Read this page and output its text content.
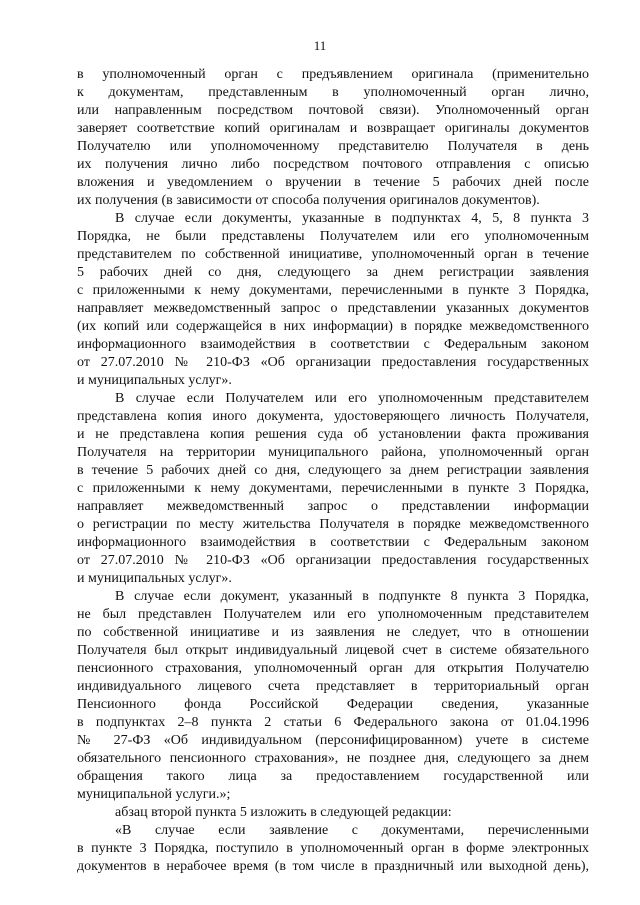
11
в уполномоченный орган с предъявлением оригинала (применительно
к документам, представленным в уполномоченный орган лично,
или направленным посредством почтовой связи). Уполномоченный орган
заверяет соответствие копий оригиналам и возвращает оригиналы документов
Получателю или уполномоченному представителю Получателя в день
их получения лично либо посредством почтового отправления с описью
вложения и уведомлением о вручении в течение 5 рабочих дней после
их получения (в зависимости от способа получения оригиналов документов).
В случае если документы, указанные в подпунктах 4, 5, 8 пункта 3
Порядка, не были представлены Получателем или его уполномоченным
представителем по собственной инициативе, уполномоченный орган в течение
5 рабочих дней со дня, следующего за днем регистрации заявления
с приложенными к нему документами, перечисленными в пункте 3 Порядка,
направляет межведомственный запрос о представлении указанных документов
(их копий или содержащейся в них информации) в порядке межведомственного
информационного взаимодействия в соответствии с Федеральным законом
от 27.07.2010 № 210-ФЗ «Об организации предоставления государственных
и муниципальных услуг».
В случае если Получателем или его уполномоченным представителем
представлена копия иного документа, удостоверяющего личность Получателя,
и не представлена копия решения суда об установлении факта проживания
Получателя на территории муниципального района, уполномоченный орган
в течение 5 рабочих дней со дня, следующего за днем регистрации заявления
с приложенными к нему документами, перечисленными в пункте 3 Порядка,
направляет межведомственный запрос о представлении информации
о регистрации по месту жительства Получателя в порядке межведомственного
информационного взаимодействия в соответствии с Федеральным законом
от 27.07.2010 № 210-ФЗ «Об организации предоставления государственных
и муниципальных услуг».
В случае если документ, указанный в подпункте 8 пункта 3 Порядка,
не был представлен Получателем или его уполномоченным представителем
по собственной инициативе и из заявления не следует, что в отношении
Получателя был открыт индивидуальный лицевой счет в системе обязательного
пенсионного страхования, уполномоченный орган для открытия Получателю
индивидуального лицевого счета представляет в территориальный орган
Пенсионного фонда Российской Федерации сведения, указанные
в подпунктах 2–8 пункта 2 статьи 6 Федерального закона от 01.04.1996
№ 27-ФЗ «Об индивидуальном (персонифицированном) учете в системе
обязательного пенсионного страхования», не позднее дня, следующего за днем
обращения такого лица за предоставлением государственной или
муниципальной услуги.»;
абзац второй пункта 5 изложить в следующей редакции:
«В случае если заявление с документами, перечисленными
в пункте 3 Порядка, поступило в уполномоченный орган в форме электронных
документов в нерабочее время (в том числе в праздничный или выходной день),
